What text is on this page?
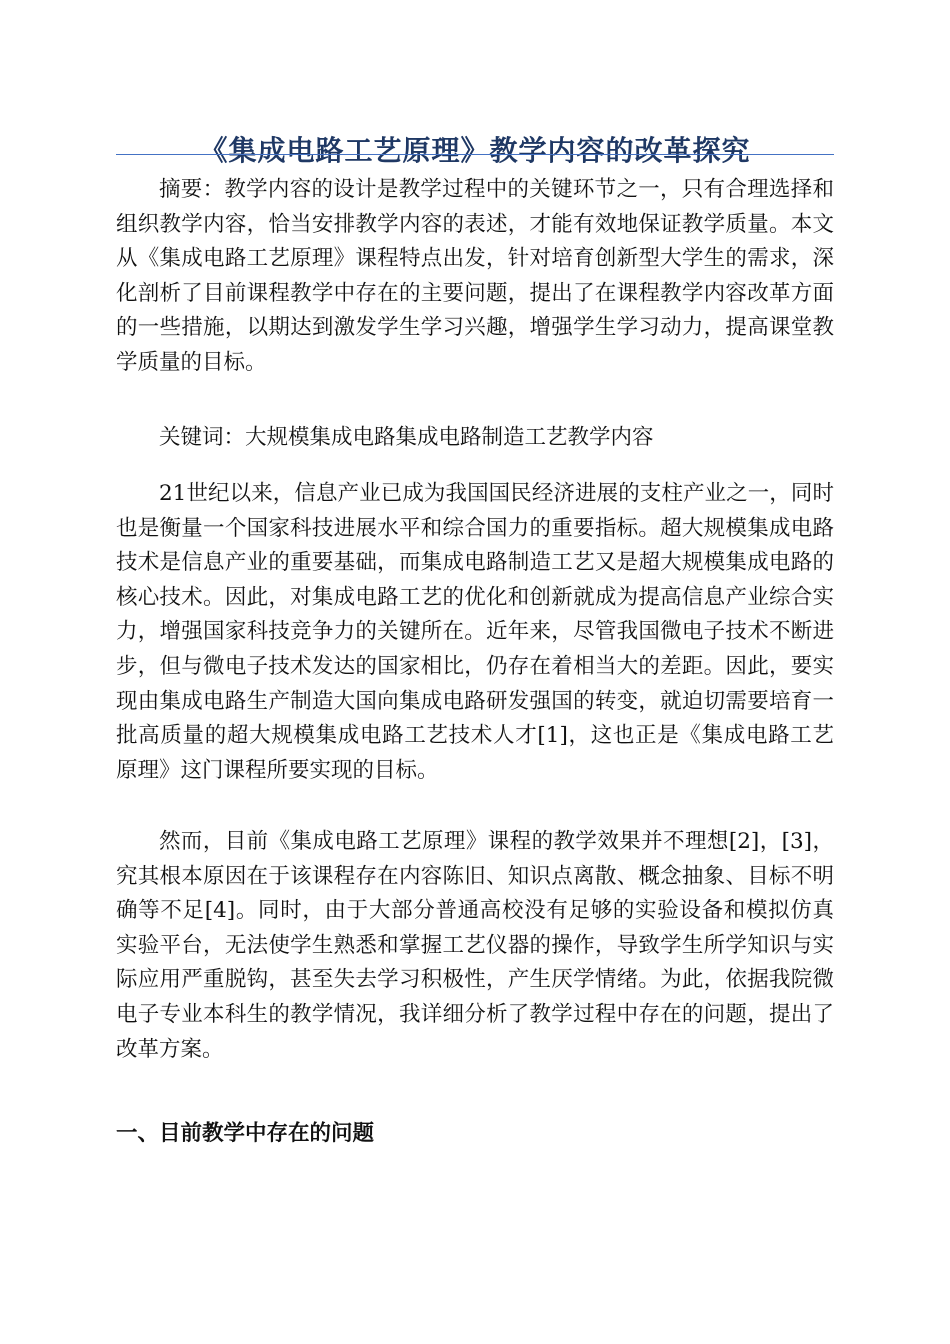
《集成电路工艺原理》教学内容的改革探究

摘要：教学内容的设计是教学过程中的关键环节之一，只有合理选择和组织教学内容，恰当安排教学内容的表述，才能有效地保证教学质量。本文从《集成电路工艺原理》课程特点出发，针对培育创新型大学生的需求，深化剖析了目前课程教学中存在的主要问题，提出了在课程教学内容改革方面的一些措施，以期达到激发学生学习兴趣，增强学生学习动力，提高课堂教学质量的目标。

关键词：大规模集成电路集成电路制造工艺教学内容

21世纪以来，信息产业已成为我国国民经济进展的支柱产业之一，同时也是衡量一个国家科技进展水平和综合国力的重要指标。超大规模集成电路技术是信息产业的重要基础，而集成电路制造工艺又是超大规模集成电路的核心技术。因此，对集成电路工艺的优化和创新就成为提高信息产业综合实力，增强国家科技竞争力的关键所在。近年来，尽管我国微电子技术不断进步，但与微电子技术发达的国家相比，仍存在着相当大的差距。因此，要实现由集成电路生产制造大国向集成电路研发强国的转变，就迫切需要培育一批高质量的超大规模集成电路工艺技术人才[1]，这也正是《集成电路工艺原理》这门课程所要实现的目标。

然而，目前《集成电路工艺原理》课程的教学效果并不理想[2]，[3]，究其根本原因在于该课程存在内容陈旧、知识点离散、概念抽象、目标不明确等不足[4]。同时，由于大部分普通高校没有足够的实验设备和模拟仿真实验平台，无法使学生熟悉和掌握工艺仪器的操作，导致学生所学知识与实际应用严重脱钩，甚至失去学习积极性，产生厌学情绪。为此，依据我院微电子专业本科生的教学情况，我详细分析了教学过程中存在的问题，提出了改革方案。

一、目前教学中存在的问题
